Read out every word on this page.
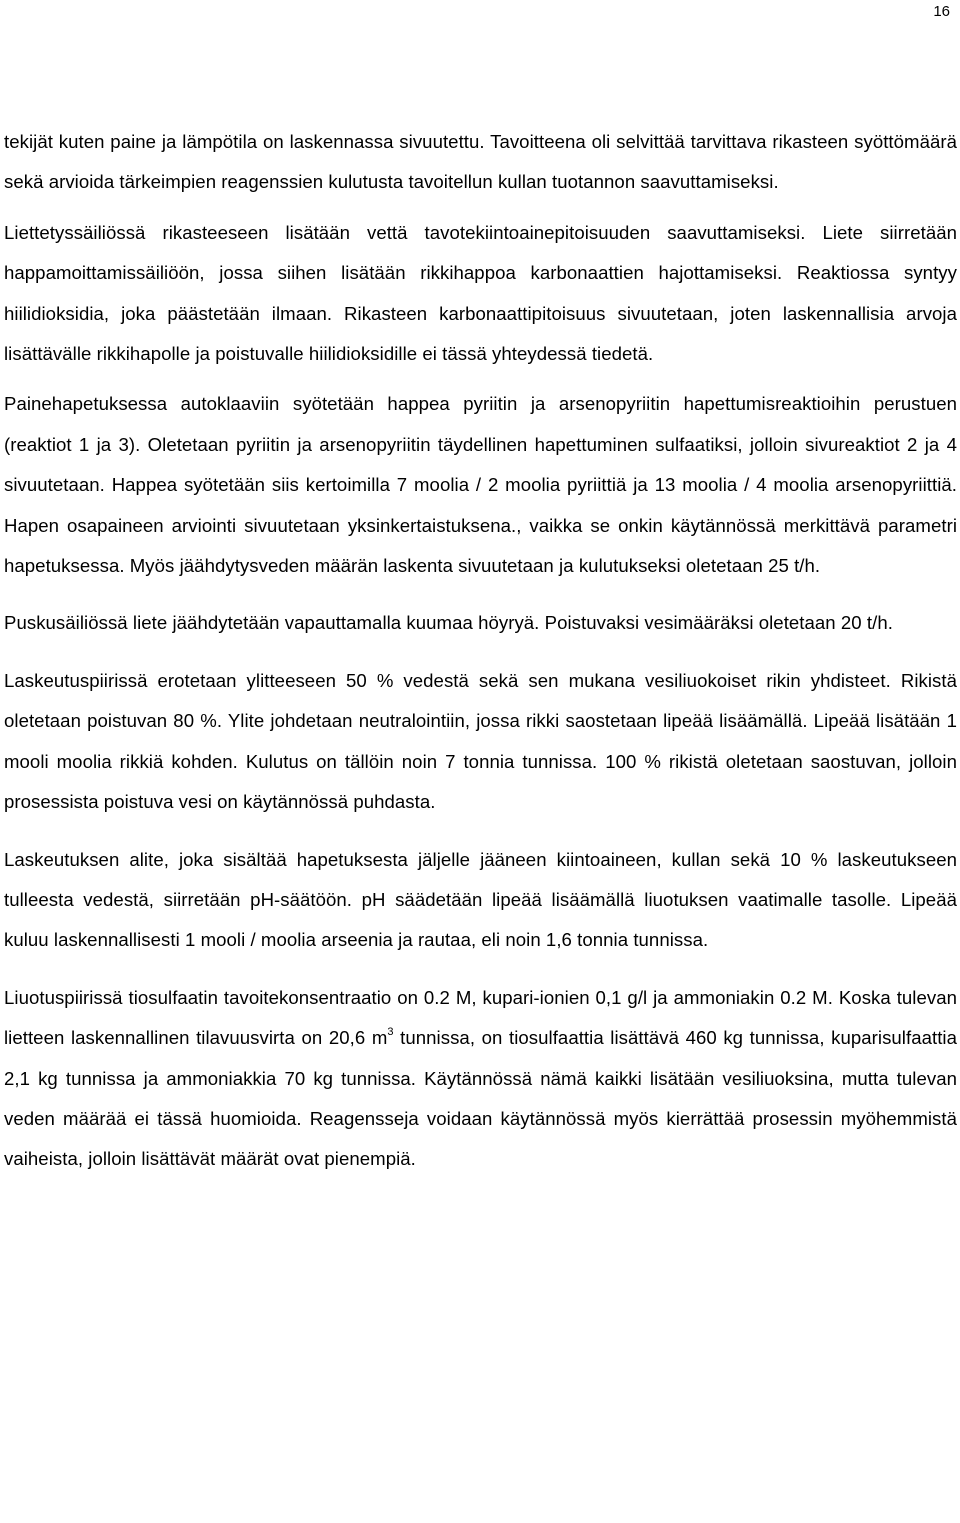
16

tekijät kuten paine ja lämpötila on laskennassa sivuutettu. Tavoitteena oli selvittää tarvittava rikasteen syöttömäärä sekä arvioida tärkeimpien reagenssien kulutusta tavoitellun kullan tuotannon saavuttamiseksi.

Liettetyssäiliössä rikasteeseen lisätään vettä tavotekiintoainepitoisuuden saavuttamiseksi. Liete siirretään happamoittamissäiliöön, jossa siihen lisätään rikkihappoa karbonaattien hajottamiseksi. Reaktiossa syntyy hiilidioksidia, joka päästetään ilmaan. Rikasteen karbonaattipitoisuus sivuutetaan, joten laskennallisia arvoja lisättävälle rikkihapolle ja poistuvalle hiilidioksidille ei tässä yhteydessä tiedetä.

Painehapetuksessa autoklaaviin syötetään happea pyriitin ja arsenopyriitin hapettumisreaktioihin perustuen (reaktiot 1 ja 3). Oletetaan pyriitin ja arsenopyriitin täydellinen hapettuminen sulfaatiksi, jolloin sivureaktiot 2 ja 4 sivuutetaan. Happea syötetään siis kertoimilla 7 moolia / 2 moolia pyriittiä ja 13 moolia / 4 moolia arsenopyriittiä. Hapen osapaineen arviointi sivuutetaan yksinkertaistuksena., vaikka se onkin käytännössä merkittävä parametri hapetuksessa. Myös jäähdytysveden määrän laskenta sivuutetaan ja kulutukseksi oletetaan 25 t/h.

Puskusäiliössä liete jäähdytetään vapauttamalla kuumaa höyryä. Poistuvaksi vesimääräksi oletetaan 20 t/h.

Laskeutuspiirissä erotetaan ylitteeseen 50 % vedestä sekä sen mukana vesiliuokoiset rikin yhdisteet. Rikistä oletetaan poistuvan 80 %. Ylite johdetaan neutralointiin, jossa rikki saostetaan lipeää lisäämällä. Lipeää lisätään 1 mooli moolia rikkiä kohden. Kulutus on tällöin noin 7 tonnia tunnissa. 100 % rikistä oletetaan saostuvan, jolloin prosessista poistuva vesi on käytännössä puhdasta.

Laskeutuksen alite, joka sisältää hapetuksesta jäljelle jääneen kiintoaineen, kullan sekä 10 % laskeutukseen tulleesta vedestä, siirretään pH-säätöön. pH säädetään lipeää lisäämällä liuotuksen vaatimalle tasolle. Lipeää kuluu laskennallisesti 1 mooli / moolia arseenia ja rautaa, eli noin 1,6 tonnia tunnissa.

Liuotuspiirissä tiosulfaatin tavoitekonsentraatio on 0.2 M, kupari-ionien 0,1 g/l ja ammoniakin 0.2 M. Koska tulevan lietteen laskennallinen tilavuusvirta on 20,6 $m^3$ tunnissa, on tiosulfaattia lisättävä 460 kg tunnissa, kuparisulfaattia 2,1 kg tunnissa ja ammoniakkia 70 kg tunnissa. Käytännössä nämä kaikki lisätään vesiliuoksina, mutta tulevan veden määrää ei tässä huomioida. Reagensseja voidaan käytännössä myös kierrättää prosessin myöhemmistä vaiheista, jolloin lisättävät määrät ovat pienempiä.
